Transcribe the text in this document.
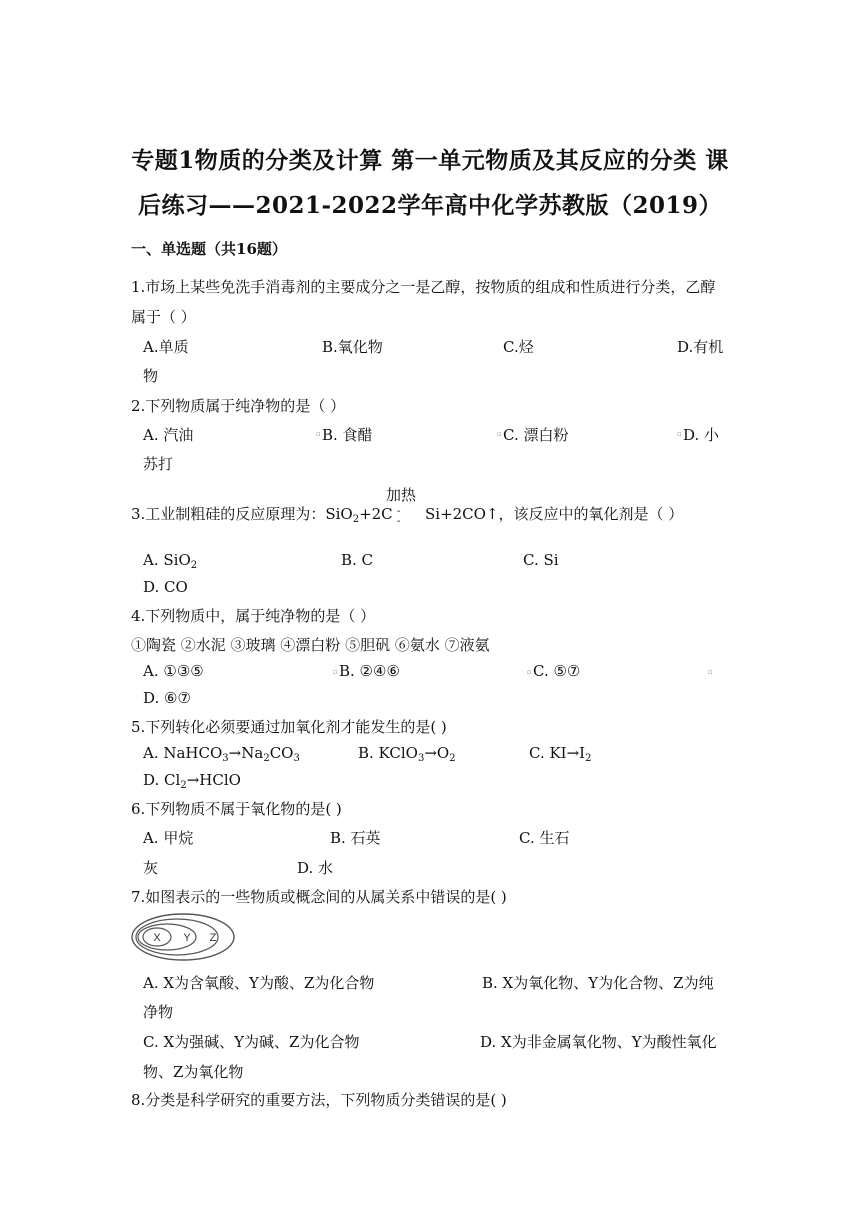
专题1物质的分类及计算 第一单元物质及其反应的分类 课
后练习——2021-2022学年高中化学苏教版（2019）
一、单选题（共16题）
1.市场上某些免洗手消毒剂的主要成分之一是乙醇，按物质的组成和性质进行分类，乙醇
属于（ ）
A.单质	B.氧化物	C.烃	D.有机
物
2.下列物质属于纯净物的是（ ）
A. 汽油	▫ B. 食醋	▫ C. 漂白粉	▫ D. 小
苏打
加热
-
-
3.工业制粗硅的反应原理为：SiO$_2$+2C Si+2CO↑，该反应中的氧化剂是（ ）
A. SiO$_2$	B. C	C. Si
D. CO
4.下列物质中，属于纯净物的是（ ）
①陶瓷 ②水泥 ③玻璃 ④漂白粉 ⑤胆矾 ⑥氨水 ⑦液氨
A. ①③⑤	▫ B. ②④⑥	▫ C. ⑤⑦	▫
D. ⑥⑦
5.下列转化必须要通过加氧化剂才能发生的是( )
A. $NaHCO_3\to Na_2CO_3$	B. $KClO_3\to O_2$	C. $KI\to I_2$
D. $Cl_2\to HClO$
6.下列物质不属于氧化物的是( )
A. 甲烷	B. 石英	C. 生石
灰	D. 水
7.如图表示的一些物质或概念间的从属关系中错误的是( )
X Y Z
A. X为含氧酸、Y为酸、Z为化合物	B. X为氧化物、Y为化合物、Z为纯
净物
C. X为强碱、Y为碱、Z为化合物	D. X为非金属氧化物、Y为酸性氧化
物、Z为氧化物
8.分类是科学研究的重要方法，下列物质分类错误的是( )
